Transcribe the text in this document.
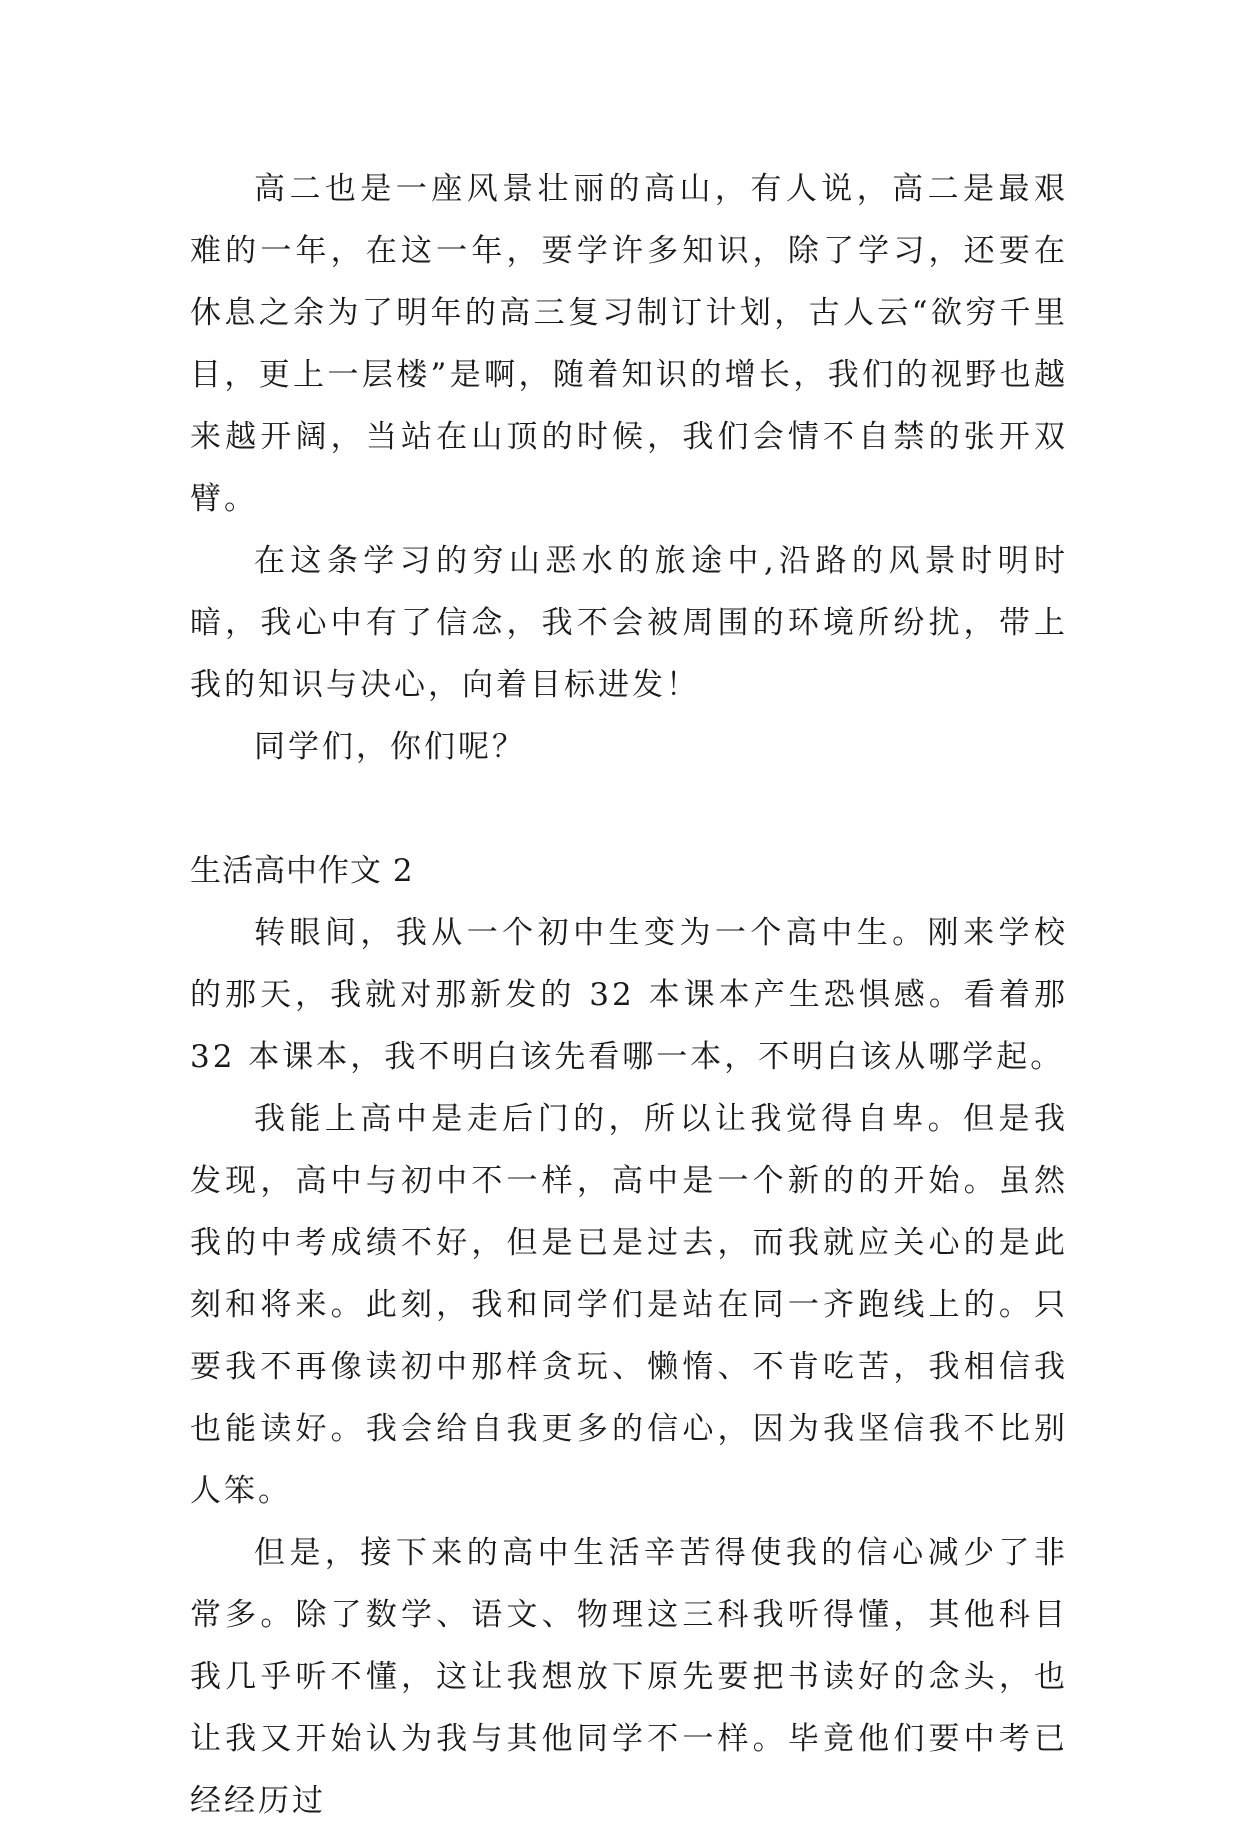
高二也是一座风景壮丽的高山，有人说，高二是最艰难的一年，在这一年，要学许多知识，除了学习，还要在休息之余为了明年的高三复习制订计划，古人云“欲穷千里目，更上一层楼”是啊，随着知识的增长，我们的视野也越来越开阔，当站在山顶的时候，我们会情不自禁的张开双臂。

在这条学习的穷山恶水的旅途中,沿路的风景时明时暗，我心中有了信念，我不会被周围的环境所纷扰，带上我的知识与决心，向着目标进发！

同学们，你们呢？

生活高中作文 2

转眼间，我从一个初中生变为一个高中生。刚来学校的那天，我就对那新发的 32 本课本产生恐惧感。看着那 32 本课本，我不明白该先看哪一本，不明白该从哪学起。

我能上高中是走后门的，所以让我觉得自卑。但是我发现，高中与初中不一样，高中是一个新的的开始。虽然我的中考成绩不好，但是已是过去，而我就应关心的是此刻和将来。此刻，我和同学们是站在同一齐跑线上的。只要我不再像读初中那样贪玩、懒惰、不肯吃苦，我相信我也能读好。我会给自我更多的信心，因为我坚信我不比别人笨。

但是，接下来的高中生活辛苦得使我的信心减少了非常多。除了数学、语文、物理这三科我听得懂，其他科目我几乎听不懂，这让我想放下原先要把书读好的念头，也让我又开始认为我与其他同学不一样。毕竟他们要中考已经经历过
